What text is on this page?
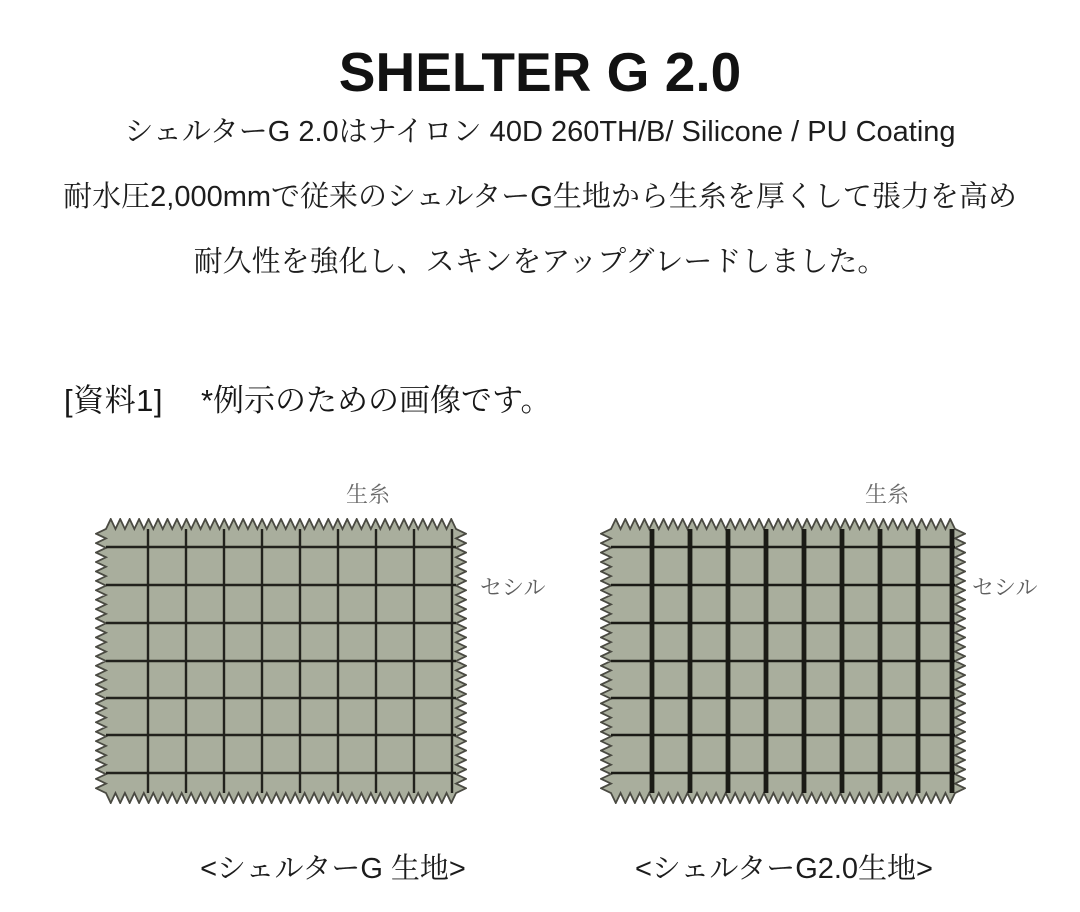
SHELTER G 2.0
シェルターG 2.0はナイロン 40D 260TH/B/ Silicone / PU Coating
耐水圧2,000mmで従来のシェルターG生地から生糸を厚くして張力を高め
耐久性を強化し、スキンをアップグレードしました。
[資料1] *例示のための画像です。
生糸
セシル
<シェルターG 生地>
生糸
セシル
<シェルターG2.0生地>
